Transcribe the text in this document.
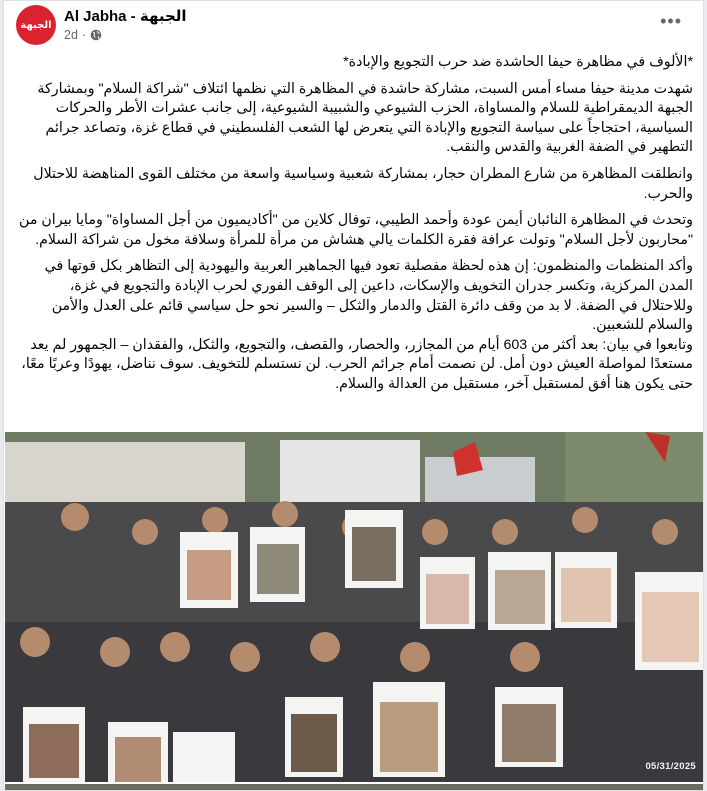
الجبهة Al Jabha - الجبهة
2d ·
•••

*الألوف في مظاهرة حيفا الحاشدة ضد حرب التجويع والإبادة*

شهدت مدينة حيفا مساء أمس السبت، مشاركة حاشدة في المظاهرة التي نظمها ائتلاف "شراكة السلام" وبمشاركة الجبهة الديمقراطية للسلام والمساواة، الحزب الشيوعي والشبيبة الشيوعية، إلى جانب عشرات الأطر والحركات السياسية، احتجاجاً على سياسة التجويع والإبادة التي يتعرض لها الشعب الفلسطيني في قطاع غزة، وتصاعد جرائم التطهير في الضفة الغربية والقدس والنقب.

وانطلقت المظاهرة من شارع المطران حجار، بمشاركة شعبية وسياسية واسعة من مختلف القوى المناهضة للاحتلال والحرب.

وتحدث في المظاهرة النائبان أيمن عودة وأحمد الطيبي، توفال كلاين من "أكاديميون من أجل المساواة" ومايا بيران من "محاربون لأجل السلام" وتولت عرافة فقرة الكلمات يالي هشاش من مرأة للمرأة وسلافة مخول من شراكة السلام.

وأكد المنظمات والمنظمون: إن هذه لحظة مفصلية تعود فيها الجماهير العربية واليهودية إلى التظاهر بكل قوتها في المدن المركزية، وتكسر جدران التخويف والإسكات، داعين إلى الوقف الفوري لحرب الإبادة والتجويع في غزة، وللاحتلال في الضفة. لا بد من وقف دائرة القتل والدمار والثكل – والسير نحو حل سياسي قائم على العدل والأمن والسلام للشعبين.

وتابعوا في بيان: بعد أكثر من 603 أيام من المجازر، والحصار، والقصف، والتجويع، والثكل، والفقدان – الجمهور لم يعد مستعدًا لمواصلة العيش دون أمل. لن نصمت أمام جرائم الحرب. لن نستسلم للتخويف. سوف نناضل، يهودًا وعربًا معًا، حتى يكون هنا أفق لمستقبل آخر، مستقبل من العدالة والسلام.

05/31/2025
